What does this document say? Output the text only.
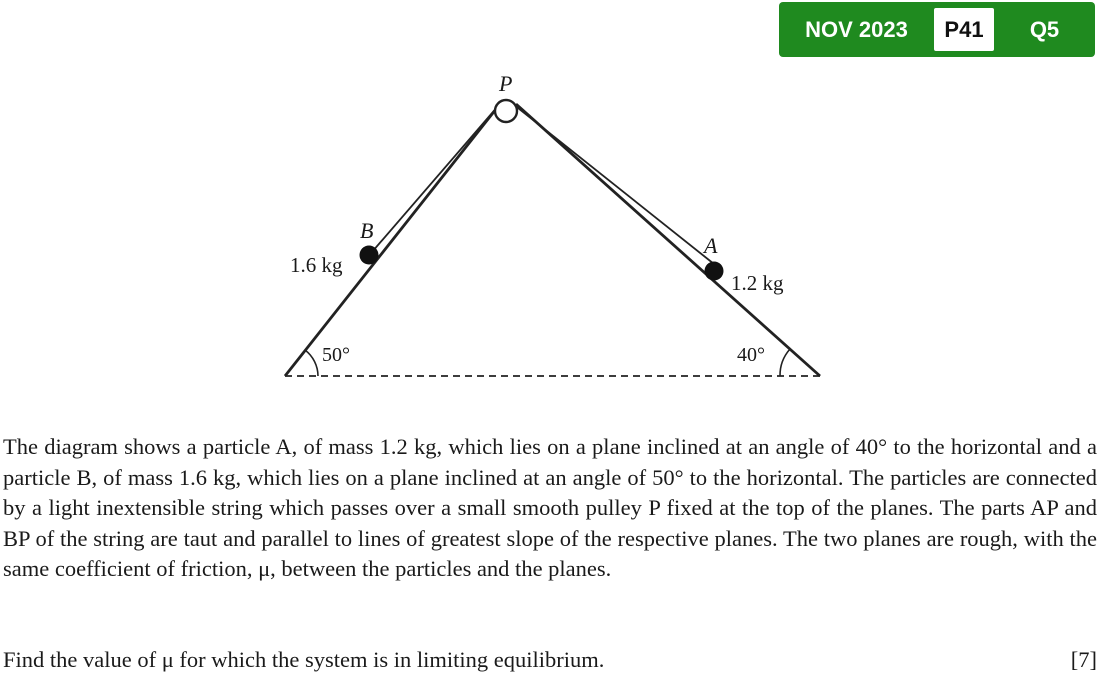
NOV 2023	P41	Q5
P
B
1.6 kg
A
1.2 kg
50°	40°

The diagram shows a particle A, of mass 1.2 kg, which lies on a plane inclined at an angle of 40° to the horizontal and a particle B, of mass 1.6 kg, which lies on a plane inclined at an angle of 50° to the horizontal. The particles are connected by a light inextensible string which passes over a small smooth pulley P fixed at the top of the planes. The parts AP and BP of the string are taut and parallel to lines of greatest slope of the respective planes. The two planes are rough, with the same coefficient of friction, μ, between the particles and the planes.

Find the value of μ for which the system is in limiting equilibrium.	[7]
